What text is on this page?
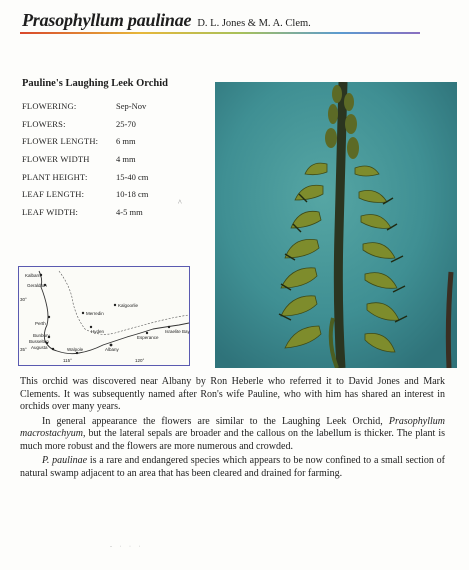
Prasophyllum paulinae D. L. Jones & M. A. Clem.
Pauline's Laughing Leek Orchid
FLOWERING:	Sep-Nov
FLOWERS:	25-70
FLOWER LENGTH: 6 mm
FLOWER WIDTH	4 mm
PLANT HEIGHT:	15-40 cm
LEAF LENGTH:	10-18 cm
LEAF WIDTH:	4-5 mm
^
Kalbarri
Geraldton
30°
Perth
Merredin
Kalgoorlie
Hyden
Bunbury
Busselton
Augusta	Walpole	Albany
Esperance
Israelite Bay
35°
115°	120°

This orchid was discovered near Albany by Ron Heberle who referred it to David Jones and Mark Clements. It was subsequently named after Ron's wife Pauline, who with him has shared an interest in orchids over many years.

In general appearance the flowers are similar to the Laughing Leek Orchid, Prasophyllum macrostachyum, but the lateral sepals are broader and the callous on the labellum is thicker. The plant is much more robust and the flowers are more numerous and crowded.

P. paulinae is a rare and endangered species which appears to be now confined to a small section of natural swamp adjacent to an area that has been cleared and drained for farming.

- · · ·
